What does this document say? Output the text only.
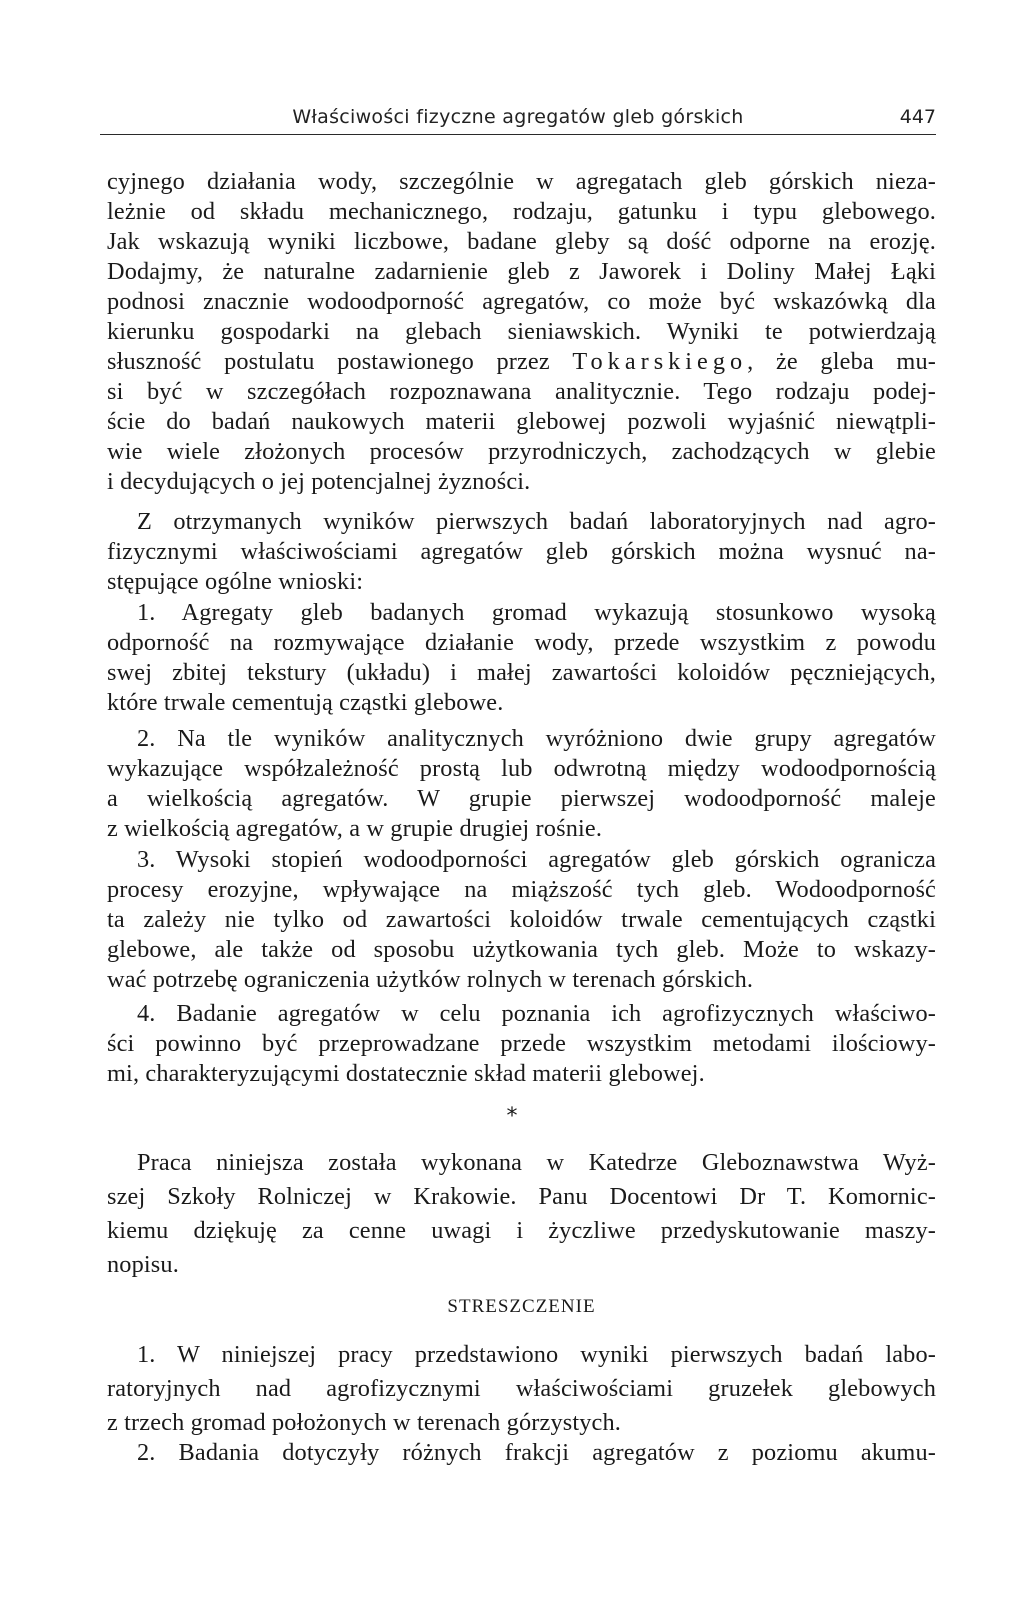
Właściwości fizyczne agregatów gleb górskich	447
cyjnego działania wody, szczególnie w agregatach gleb górskich nieza-
leżnie od składu mechanicznego, rodzaju, gatunku i typu glebowego.
Jak wskazują wyniki liczbowe, badane gleby są dość odporne na erozję.
Dodajmy, że naturalne zadarnienie gleb z Jaworek i Doliny Małej Łąki
podnosi znacznie wodoodporność agregatów, co może być wskazówką dla
kierunku gospodarki na glebach sieniawskich. Wyniki te potwierdzają
słuszność postulatu postawionego przez Tokarskiego, że gleba mu-
si być w szczegółach rozpoznawana analitycznie. Tego rodzaju podej-
ście do badań naukowych materii glebowej pozwoli wyjaśnić niewątpli-
wie wiele złożonych procesów przyrodniczych, zachodzących w glebie
i decydujących o jej potencjalnej żyzności.
Z otrzymanych wyników pierwszych badań laboratoryjnych nad agro-
fizycznymi właściwościami agregatów gleb górskich można wysnuć na-
stępujące ogólne wnioski:
1. Agregaty gleb badanych gromad wykazują stosunkowo wysoką
odporność na rozmywające działanie wody, przede wszystkim z powodu
swej zbitej tekstury (układu) i małej zawartości koloidów pęczniejących,
które trwale cementują cząstki glebowe.
2. Na tle wyników analitycznych wyróżniono dwie grupy agregatów
wykazujące współzależność prostą lub odwrotną między wodoodpornością
a wielkością agregatów. W grupie pierwszej wodoodporność maleje
z wielkością agregatów, a w grupie drugiej rośnie.
3. Wysoki stopień wodoodporności agregatów gleb górskich ogranicza
procesy erozyjne, wpływające na miąższość tych gleb. Wodoodporność
ta zależy nie tylko od zawartości koloidów trwale cementujących cząstki
glebowe, ale także od sposobu użytkowania tych gleb. Może to wskazy-
wać potrzebę ograniczenia użytków rolnych w terenach górskich.
4. Badanie agregatów w celu poznania ich agrofizycznych właściwo-
ści powinno być przeprowadzane przede wszystkim metodami ilościowy-
mi, charakteryzującymi dostatecznie skład materii glebowej.
*
Praca niniejsza została wykonana w Katedrze Gleboznawstwa Wyż-
szej Szkoły Rolniczej w Krakowie. Panu Docentowi Dr T. Komornic-
kiemu dziękuję za cenne uwagi i życzliwe przedyskutowanie maszy-
nopisu.
STRESZCZENIE
1. W niniejszej pracy przedstawiono wyniki pierwszych badań labo-
ratoryjnych nad agrofizycznymi właściwościami gruzełek glebowych
z trzech gromad położonych w terenach górzystych.
2. Badania dotyczyły różnych frakcji agregatów z poziomu akumu-
